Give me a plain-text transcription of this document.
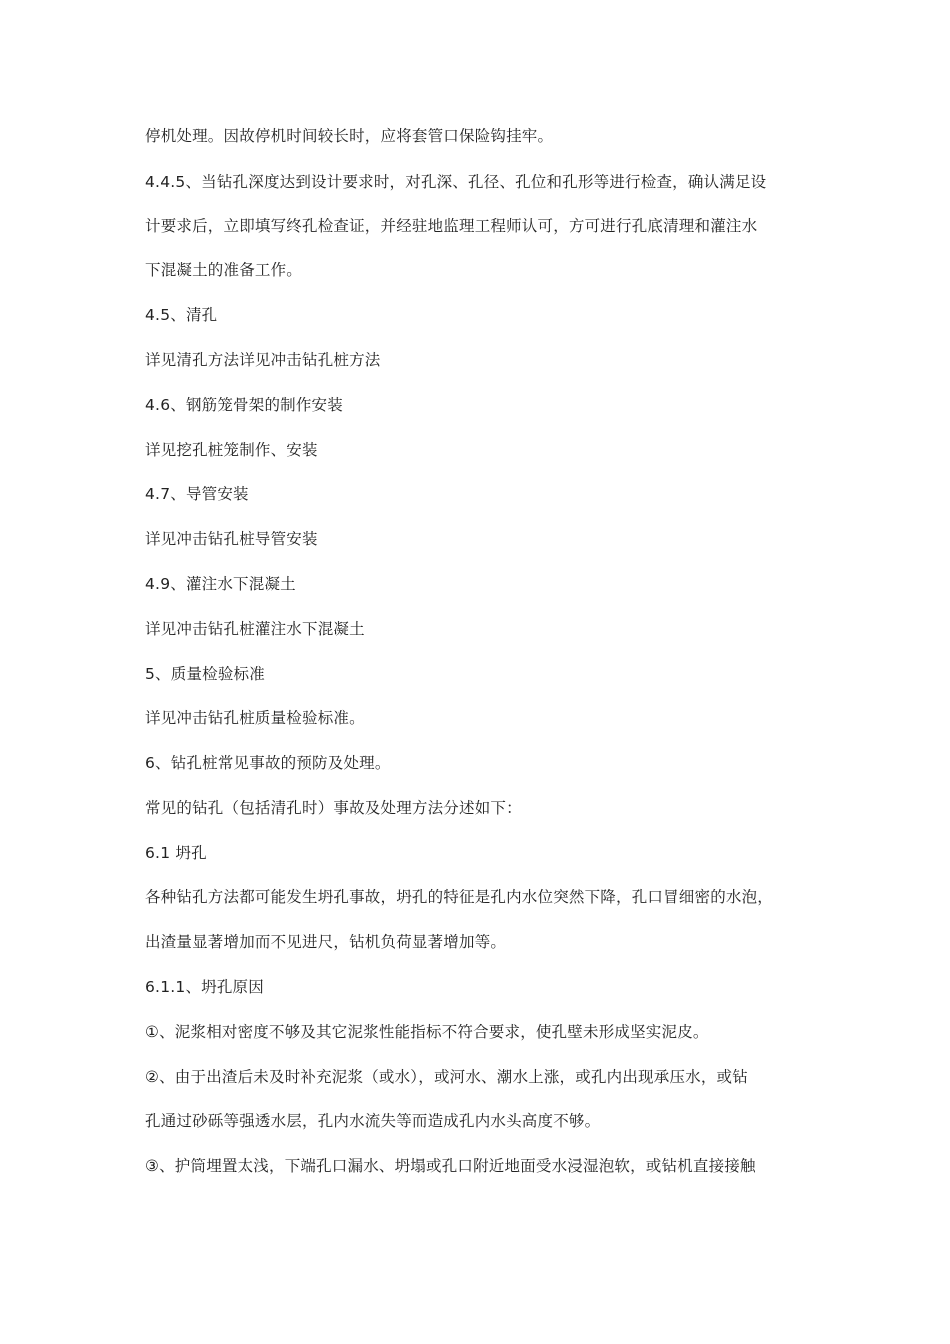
停机处理。因故停机时间较长时，应将套管口保险钩挂牢。
4.4.5、当钻孔深度达到设计要求时，对孔深、孔径、孔位和孔形等进行检查，确认满足设
计要求后，立即填写终孔检查证，并经驻地监理工程师认可，方可进行孔底清理和灌注水
下混凝土的准备工作。
4.5、清孔
详见清孔方法详见冲击钻孔桩方法
4.6、钢筋笼骨架的制作安装
详见挖孔桩笼制作、安装
4.7、导管安装
详见冲击钻孔桩导管安装
4.9、灌注水下混凝土
详见冲击钻孔桩灌注水下混凝土
5、质量检验标准
详见冲击钻孔桩质量检验标准。
6、钻孔桩常见事故的预防及处理。
常见的钻孔（包括清孔时）事故及处理方法分述如下：
6.1 坍孔
各种钻孔方法都可能发生坍孔事故，坍孔的特征是孔内水位突然下降，孔口冒细密的水泡，
出渣量显著增加而不见进尺，钻机负荷显著增加等。
6.1.1、坍孔原因
①、泥浆相对密度不够及其它泥浆性能指标不符合要求，使孔壁未形成坚实泥皮。
②、由于出渣后未及时补充泥浆（或水），或河水、潮水上涨，或孔内出现承压水，或钻
孔通过砂砾等强透水层，孔内水流失等而造成孔内水头高度不够。
③、护筒埋置太浅，下端孔口漏水、坍塌或孔口附近地面受水浸湿泡软，或钻机直接接触
